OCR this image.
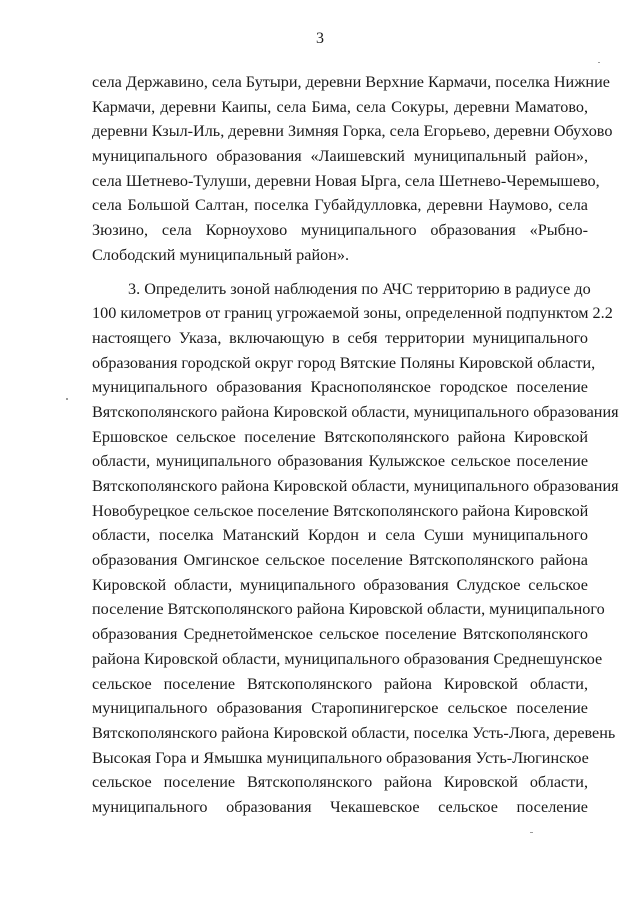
3
села Державино, села Бутыри, деревни Верхние Кармачи, поселка Нижние
Кармачи, деревни Каипы, села Бима, села Сокуры, деревни Маматово,
деревни Кзыл-Иль, деревни Зимняя Горка, села Егорьево, деревни Обухово
муниципального образования «Лаишевский муниципальный район»,
села Шетнево-Тулуши, деревни Новая Ырга, села Шетнево-Черемышево,
села Большой Салтан, поселка Губайдулловка, деревни Наумово, села
Зюзино, села Корноухово муниципального образования «Рыбно-
Слободский муниципальный район».
3. Определить зоной наблюдения по АЧС территорию в радиусе до
100 километров от границ угрожаемой зоны, определенной подпунктом 2.2
настоящего Указа, включающую в себя территории муниципального
образования городской округ город Вятские Поляны Кировской области,
муниципального образования Краснополянское городское поселение
Вятскополянского района Кировской области, муниципального образования
Ершовское сельское поселение Вятскополянского района Кировской
области, муниципального образования Кулыжское сельское поселение
Вятскополянского района Кировской области, муниципального образования
Новобурецкое сельское поселение Вятскополянского района Кировской
области, поселка Матанский Кордон и села Суши муниципального
образования Омгинское сельское поселение Вятскополянского района
Кировской области, муниципального образования Слудское сельское
поселение Вятскополянского района Кировской области, муниципального
образования Среднетойменское сельское поселение Вятскополянского
района Кировской области, муниципального образования Среднешунское
сельское поселение Вятскополянского района Кировской области,
муниципального образования Старопинигерское сельское поселение
Вятскополянского района Кировской области, поселка Усть-Люга, деревень
Высокая Гора и Ямышка муниципального образования Усть-Люгинское
сельское поселение Вятскополянского района Кировской области,
муниципального образования Чекашевское сельское поселение
